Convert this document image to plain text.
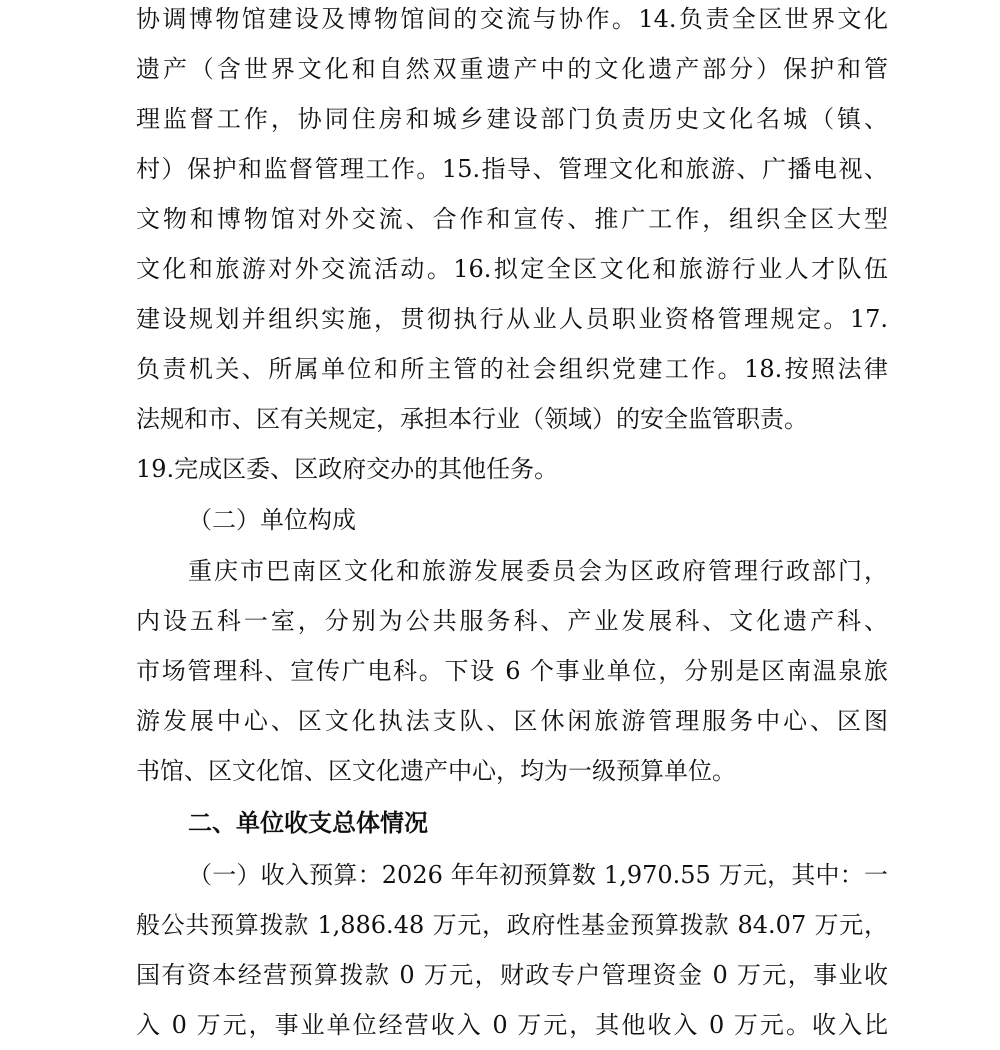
协调博物馆建设及博物馆间的交流与协作。14.负责全区世界文化
遗产（含世界文化和自然双重遗产中的文化遗产部分）保护和管
理监督工作，协同住房和城乡建设部门负责历史文化名城（镇、
村）保护和监督管理工作。15.指导、管理文化和旅游、广播电视、
文物和博物馆对外交流、合作和宣传、推广工作，组织全区大型
文化和旅游对外交流活动。16.拟定全区文化和旅游行业人才队伍
建设规划并组织实施，贯彻执行从业人员职业资格管理规定。17.
负责机关、所属单位和所主管的社会组织党建工作。18.按照法律
法规和市、区有关规定，承担本行业（领域）的安全监管职责。
19.完成区委、区政府交办的其他任务。
（二）单位构成
重庆市巴南区文化和旅游发展委员会为区政府管理行政部门，
内设五科一室，分别为公共服务科、产业发展科、文化遗产科、
市场管理科、宣传广电科。下设 6 个事业单位，分别是区南温泉旅
游发展中心、区文化执法支队、区休闲旅游管理服务中心、区图
书馆、区文化馆、区文化遗产中心，均为一级预算单位。
二、单位收支总体情况
（一）收入预算：2026 年年初预算数 1,970.55 万元，其中：一
般公共预算拨款 1,886.48 万元，政府性基金预算拨款 84.07 万元，
国有资本经营预算拨款 0 万元，财政专户管理资金 0 万元，事业收
入 0 万元，事业单位经营收入 0 万元，其他收入 0 万元。收入比
